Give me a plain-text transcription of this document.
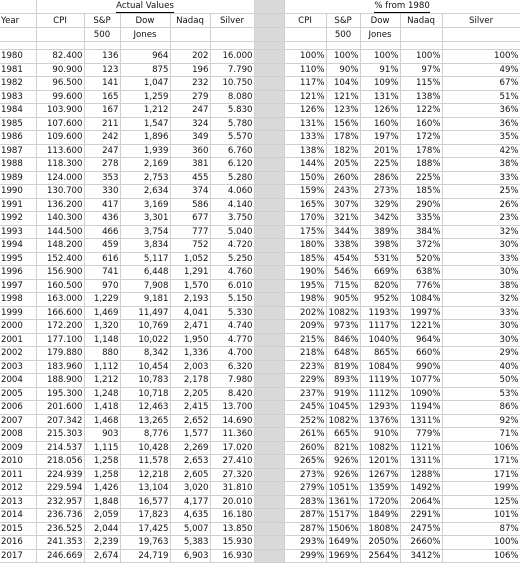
	Actual Values						% from 1980				
Year	CPI	S&P	Dow	Nadaq	Silver		CPI	S&P	Dow	Nadaq	Silver
		500	Jones					500	Jones		

1980	82.400	136	964	202	16.000		100%	100%	100%	100%	100%
1981	90.900	123	875	196	7.790		110%	90%	91%	97%	49%
1982	96.500	141	1,047	232	10.750		117%	104%	109%	115%	67%
1983	99.600	165	1,259	279	8.080		121%	121%	131%	138%	51%
1984	103.900	167	1,212	247	5.830		126%	123%	126%	122%	36%
1985	107.600	211	1,547	324	5.780		131%	156%	160%	160%	36%
1986	109.600	242	1,896	349	5.570		133%	178%	197%	172%	35%
1987	113.600	247	1,939	360	6.760		138%	182%	201%	178%	42%
1988	118.300	278	2,169	381	6.120		144%	205%	225%	188%	38%
1989	124.000	353	2,753	455	5.280		150%	260%	286%	225%	33%
1990	130.700	330	2,634	374	4.060		159%	243%	273%	185%	25%
1991	136.200	417	3,169	586	4.140		165%	307%	329%	290%	26%
1992	140.300	436	3,301	677	3.750		170%	321%	342%	335%	23%
1993	144.500	466	3,754	777	5.040		175%	344%	389%	384%	32%
1994	148.200	459	3,834	752	4.720		180%	338%	398%	372%	30%
1995	152.400	616	5,117	1,052	5.250		185%	454%	531%	520%	33%
1996	156.900	741	6,448	1,291	4.760		190%	546%	669%	638%	30%
1997	160.500	970	7,908	1,570	6.010		195%	715%	820%	776%	38%
1998	163.000	1,229	9,181	2,193	5.150		198%	905%	952%	1084%	32%
1999	166.600	1,469	11,497	4,041	5.330		202%	1082%	1193%	1997%	33%
2000	172.200	1,320	10,769	2,471	4.740		209%	973%	1117%	1221%	30%
2001	177.100	1,148	10,022	1,950	4.770		215%	846%	1040%	964%	30%
2002	179.880	880	8,342	1,336	4.700		218%	648%	865%	660%	29%
2003	183.960	1,112	10,454	2,003	6.320		223%	819%	1084%	990%	40%
2004	188.900	1,212	10,783	2,178	7.980		229%	893%	1119%	1077%	50%
2005	195.300	1,248	10,718	2,205	8.420		237%	919%	1112%	1090%	53%
2006	201.600	1,418	12,463	2,415	13.700		245%	1045%	1293%	1194%	86%
2007	207.342	1,468	13,265	2,652	14.690		252%	1082%	1376%	1311%	92%
2008	215.303	903	8,776	1,577	11.360		261%	665%	910%	779%	71%
2009	214.537	1,115	10,428	2,269	17.020		260%	821%	1082%	1121%	106%
2010	218.056	1,258	11,578	2,653	27.410		265%	926%	1201%	1311%	171%
2011	224.939	1,258	12,218	2,605	27.320		273%	926%	1267%	1288%	171%
2012	229.594	1,426	13,104	3,020	31.810		279%	1051%	1359%	1492%	199%
2013	232.957	1,848	16,577	4,177	20.010		283%	1361%	1720%	2064%	125%
2014	236.736	2,059	17,823	4,635	16.180		287%	1517%	1849%	2291%	101%
2015	236.525	2,044	17,425	5,007	13.850		287%	1506%	1808%	2475%	87%
2016	241.353	2,239	19,763	5,383	15.930		293%	1649%	2050%	2660%	100%
2017	246.669	2,674	24,719	6,903	16.930		299%	1969%	2564%	3412%	106%
